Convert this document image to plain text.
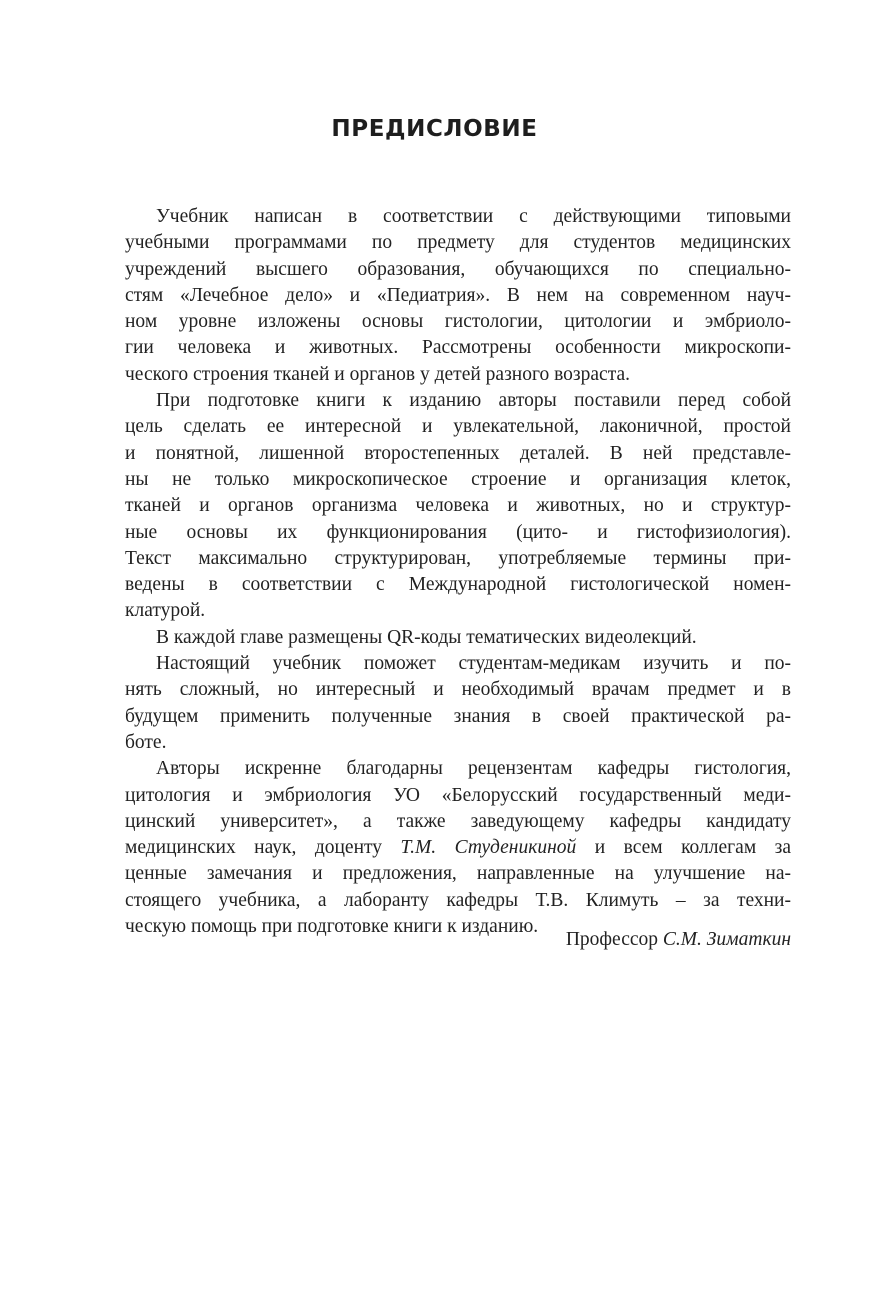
ПРЕДИСЛОВИЕ
Учебник написан в соответствии с действующими типовыми
учебными программами по предмету для студентов медицинских
учреждений высшего образования, обучающихся по специально-
стям «Лечебное дело» и «Педиатрия». В нем на современном науч-
ном уровне изложены основы гистологии, цитологии и эмбриоло-
гии человека и животных. Рассмотрены особенности микроскопи-
ческого строения тканей и органов у детей разного возраста.
При подготовке книги к изданию авторы поставили перед собой
цель сделать ее интересной и увлекательной, лаконичной, простой
и понятной, лишенной второстепенных деталей. В ней представле-
ны не только микроскопическое строение и организация клеток,
тканей и органов организма человека и животных, но и структур-
ные основы их функционирования (цито- и гистофизиология).
Текст максимально структурирован, употребляемые термины при-
ведены в соответствии с Международной гистологической номен-
клатурой.
В каждой главе размещены QR-коды тематических видеолекций.
Настоящий учебник поможет студентам-медикам изучить и по-
нять сложный, но интересный и необходимый врачам предмет и в
будущем применить полученные знания в своей практической ра-
боте.
Авторы искренне благодарны рецензентам кафедры гистология,
цитология и эмбриология УО «Белорусский государственный меди-
цинский университет», а также заведующему кафедры кандидату
медицинских наук, доценту Т.М. Студеникиной и всем коллегам за
ценные замечания и предложения, направленные на улучшение на-
стоящего учебника, а лаборанту кафедры Т.В. Климуть – за техни-
ческую помощь при подготовке книги к изданию.
Профессор С.М. Зиматкин
